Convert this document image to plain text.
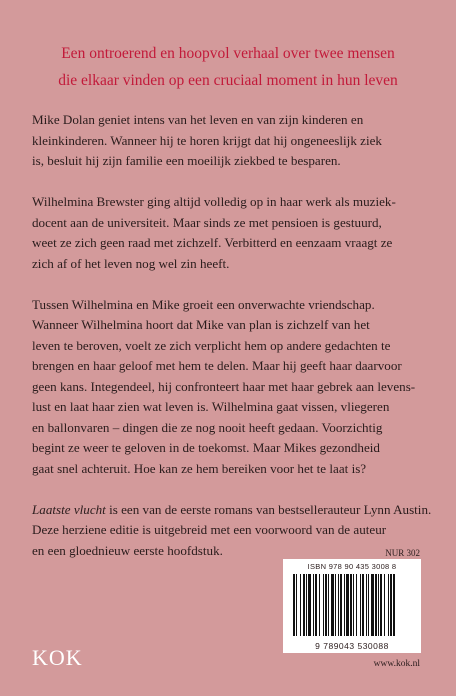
Een ontroerend en hoopvol verhaal over twee mensen
die elkaar vinden op een cruciaal moment in hun leven

Mike Dolan geniet intens van het leven en van zijn kinderen en
kleinkinderen. Wanneer hij te horen krijgt dat hij ongeneeslijk ziek
is, besluit hij zijn familie een moeilijk ziekbed te besparen.

Wilhelmina Brewster ging altijd volledig op in haar werk als muziek-
docent aan de universiteit. Maar sinds ze met pensioen is gestuurd,
weet ze zich geen raad met zichzelf. Verbitterd en eenzaam vraagt ze
zich af of het leven nog wel zin heeft.

Tussen Wilhelmina en Mike groeit een onverwachte vriendschap.
Wanneer Wilhelmina hoort dat Mike van plan is zichzelf van het
leven te beroven, voelt ze zich verplicht hem op andere gedachten te
brengen en haar geloof met hem te delen. Maar hij geeft haar daarvoor
geen kans. Integendeel, hij confronteert haar met haar gebrek aan levens-
lust en laat haar zien wat leven is. Wilhelmina gaat vissen, vliegeren
en ballonvaren – dingen die ze nog nooit heeft gedaan. Voorzichtig
begint ze weer te geloven in de toekomst. Maar Mikes gezondheid
gaat snel achteruit. Hoe kan ze hem bereiken voor het te laat is?

Laatste vlucht is een van de eerste romans van bestsellerauteur Lynn Austin.
Deze herziene editie is uitgebreid met een voorwoord van de auteur
en een gloednieuw eerste hoofdstuk.	NUR 302
ISBN 978 90 435 3008 8
9 789043 530088
KOK	www.kok.nl
